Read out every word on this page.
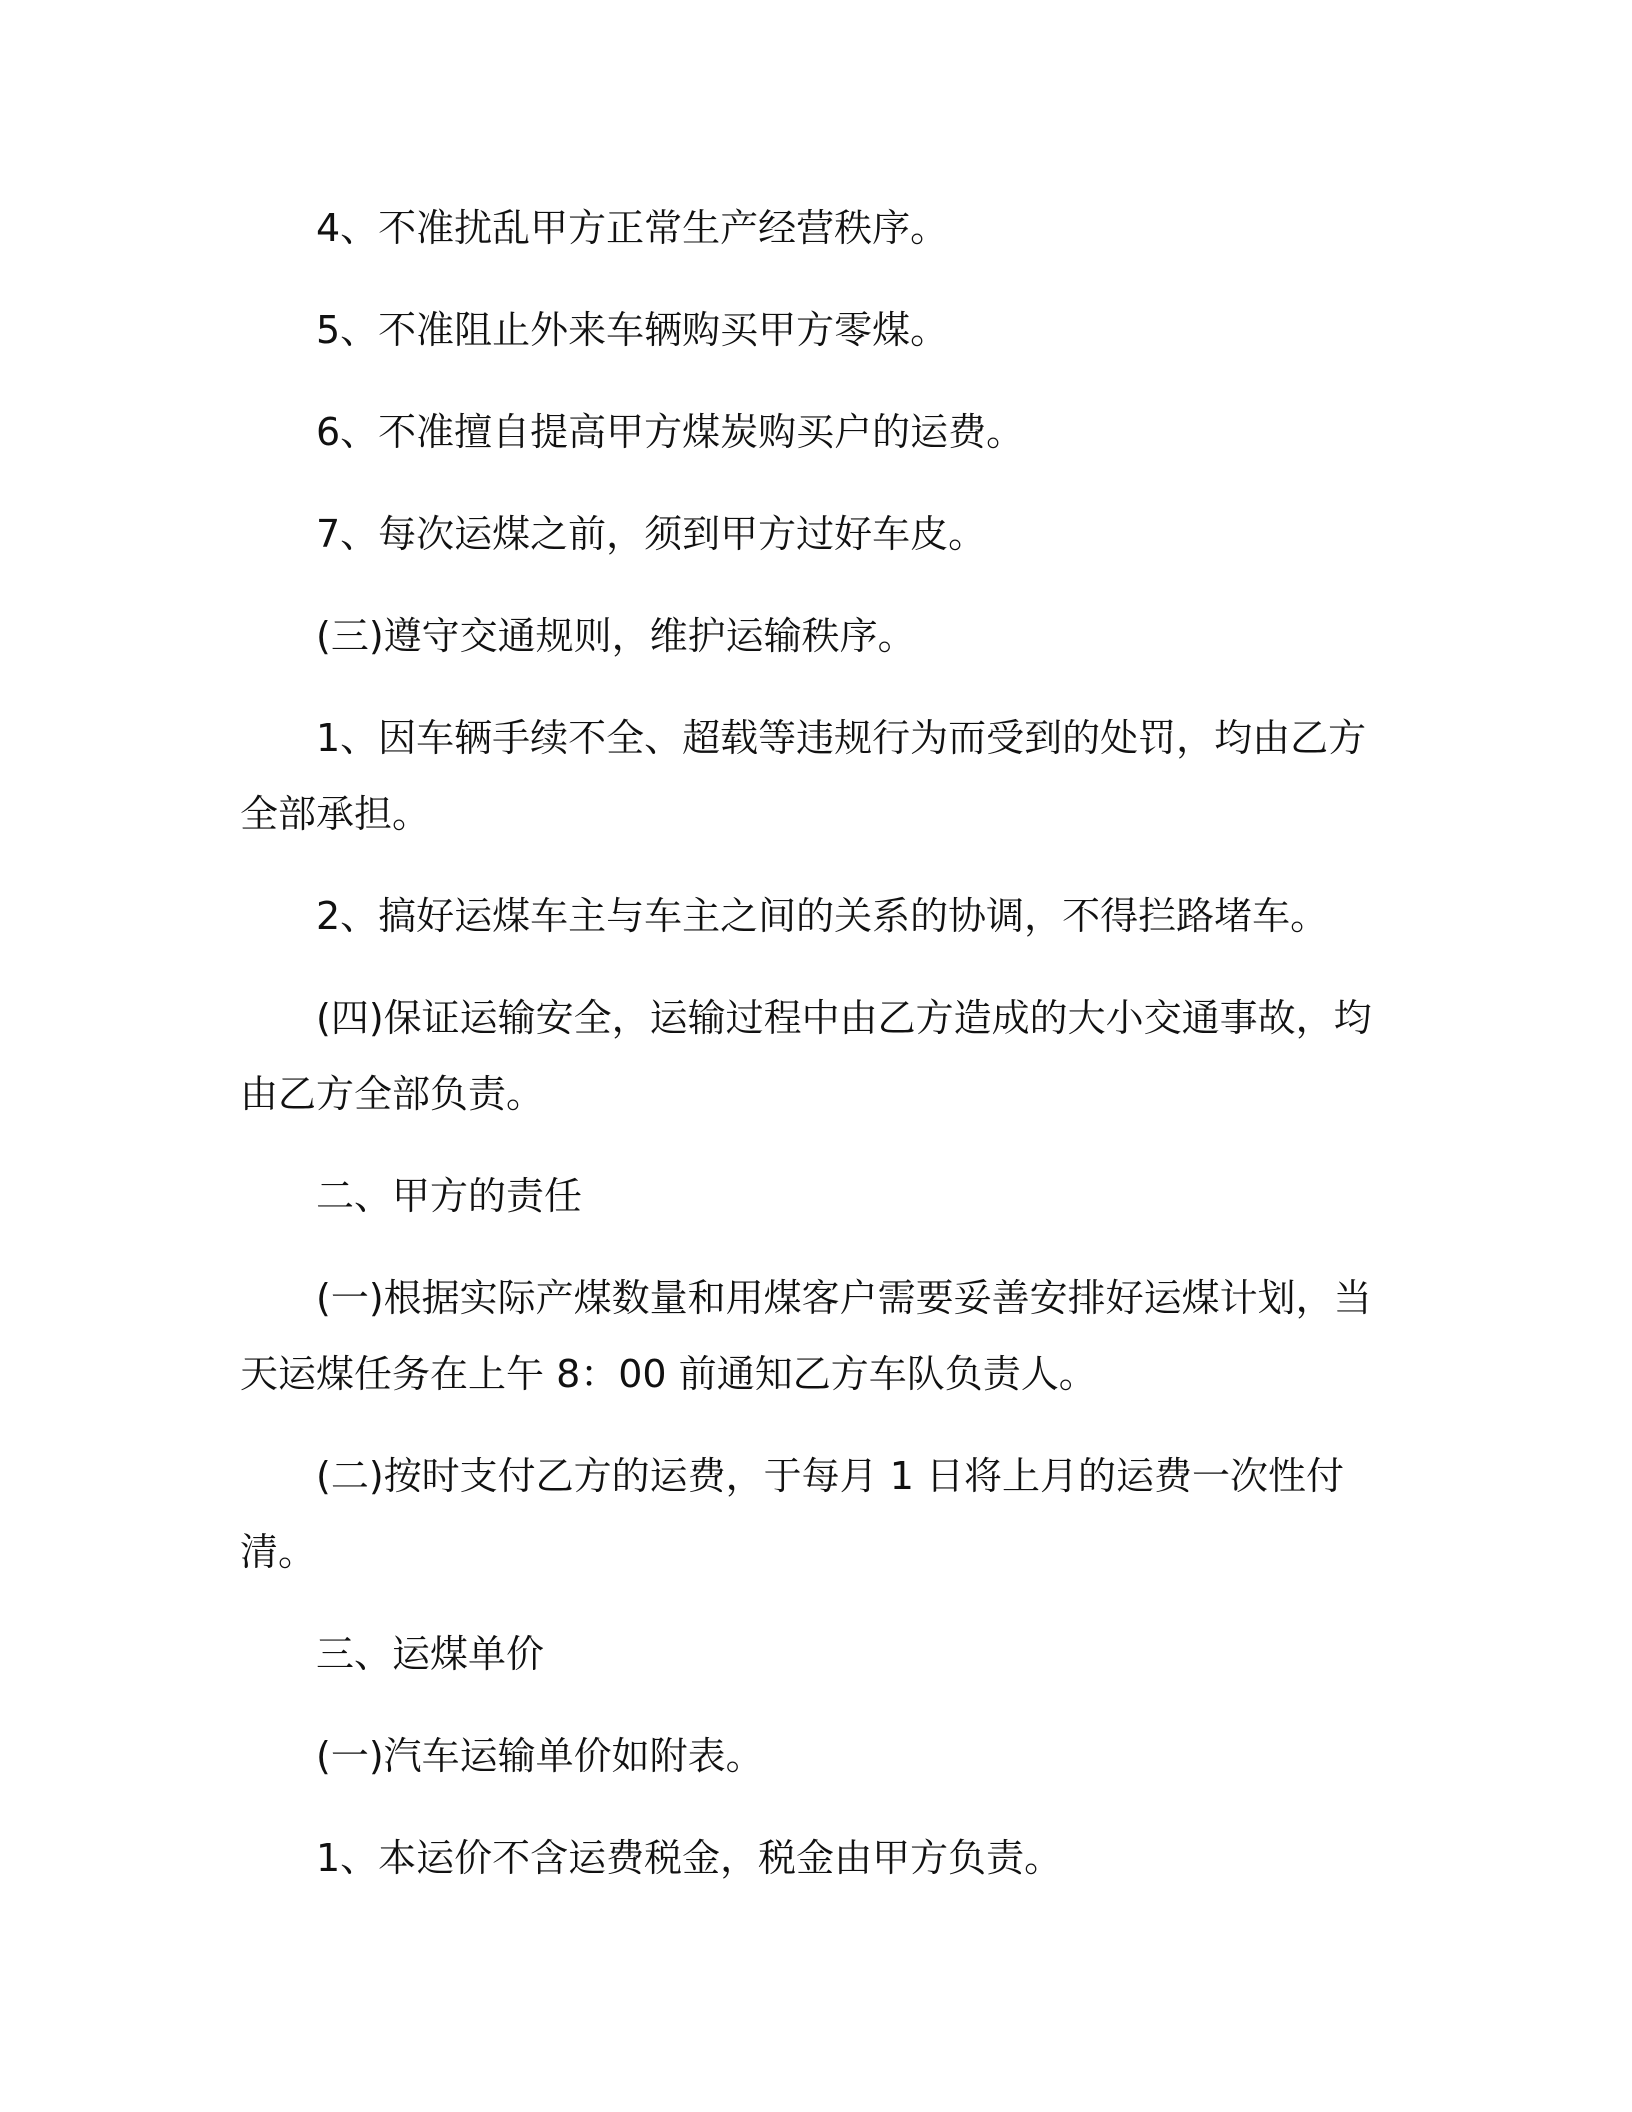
4、不准扰乱甲方正常生产经营秩序。

5、不准阻止外来车辆购买甲方零煤。

6、不准擅自提高甲方煤炭购买户的运费。

7、每次运煤之前，须到甲方过好车皮。

(三)遵守交通规则，维护运输秩序。

1、因车辆手续不全、超载等违规行为而受到的处罚，均由乙方全部承担。

2、搞好运煤车主与车主之间的关系的协调，不得拦路堵车。

(四)保证运输安全，运输过程中由乙方造成的大小交通事故，均由乙方全部负责。

二、甲方的责任

(一)根据实际产煤数量和用煤客户需要妥善安排好运煤计划，当天运煤任务在上午 8：00 前通知乙方车队负责人。

(二)按时支付乙方的运费，于每月 1 日将上月的运费一次性付清。

三、运煤单价

(一)汽车运输单价如附表。

1、本运价不含运费税金，税金由甲方负责。
